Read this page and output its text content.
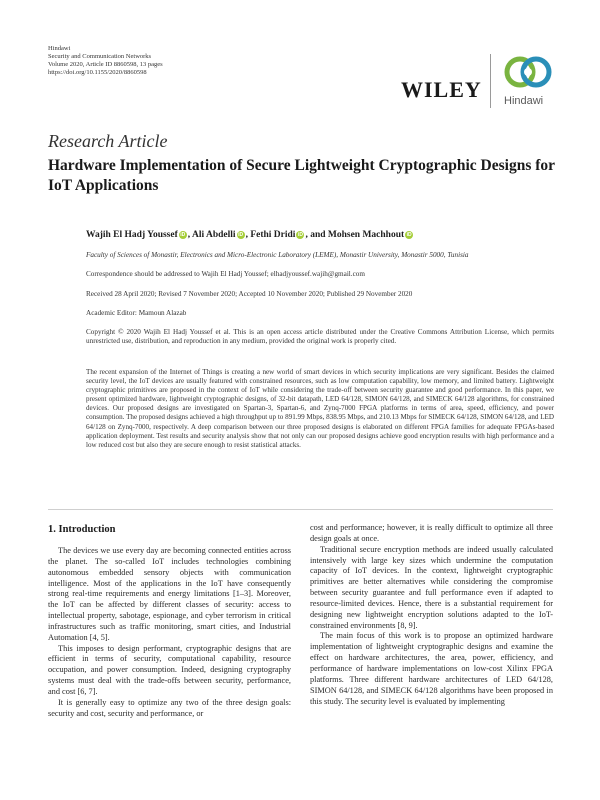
Hindawi
Security and Communication Networks
Volume 2020, Article ID 8860598, 13 pages
https://doi.org/10.1155/2020/8860598
WILEY Hindawi
Research Article
Hardware Implementation of Secure Lightweight Cryptographic Designs for IoT Applications
Wajih El Hadj Youssef iD , Ali Abdelli iD , Fethi Dridi iD , and Mohsen Machhout iD
Faculty of Sciences of Monastir, Electronics and Micro-Electronic Laboratory (LEME), Monastir University, Monastir 5000, Tunisia
Correspondence should be addressed to Wajih El Hadj Youssef; elhadjyoussef.wajih@gmail.com
Received 28 April 2020; Revised 7 November 2020; Accepted 10 November 2020; Published 29 November 2020
Academic Editor: Mamoun Alazab
Copyright © 2020 Wajih El Hadj Youssef et al. This is an open access article distributed under the Creative Commons Attribution License, which permits unrestricted use, distribution, and reproduction in any medium, provided the original work is properly cited.
The recent expansion of the Internet of Things is creating a new world of smart devices in which security implications are very significant. Besides the claimed security level, the IoT devices are usually featured with constrained resources, such as low computation capability, low memory, and limited battery. Lightweight cryptographic primitives are proposed in the context of IoT while considering the trade-off between security guarantee and good performance. In this paper, we present optimized hardware, lightweight cryptographic designs, of 32-bit datapath, LED 64/128, SIMON 64/128, and SIMECK 64/128 algorithms, for constrained devices. Our proposed designs are investigated on Spartan-3, Spartan-6, and Zynq-7000 FPGA platforms in terms of area, speed, efficiency, and power consumption. The proposed designs achieved a high throughput up to 891.99 Mbps, 838.95 Mbps, and 210.13 Mbps for SIMECK 64/128, SIMON 64/128, and LED 64/128 on Zynq-7000, respectively. A deep comparison between our three proposed designs is elaborated on different FPGA families for adequate FPGAs-based application deployment. Test results and security analysis show that not only can our proposed designs achieve good encryption results with high performance and a low reduced cost but also they are secure enough to resist statistical attacks.
1. Introduction

The devices we use every day are becoming connected entities across the planet. The so-called IoT includes technologies combining autonomous embedded sensory objects with communication intelligence. Most of the applications in the IoT have consequently strong real-time requirements and energy limitations [1–3]. Moreover, the IoT can be affected by different classes of security: access to intellectual property, sabotage, espionage, and cyber terrorism in critical infrastructures such as traffic monitoring, smart cities, and Industrial Automation [4, 5].

This imposes to design performant, cryptographic designs that are efficient in terms of security, computational capability, resource occupation, and power consumption. Indeed, designing cryptography systems must deal with the trade-offs between security, performance, and cost [6, 7].

It is generally easy to optimize any two of the three design goals: security and cost, security and performance, or

cost and performance; however, it is really difficult to optimize all three design goals at once.

Traditional secure encryption methods are indeed usually calculated intensively with large key sizes which undermine the computation capacity of IoT devices. In the context, lightweight cryptographic primitives are better alternatives while considering the compromise between security guarantee and full performance even if adapted to resource-limited devices. Hence, there is a substantial requirement for designing new lightweight encryption solutions adapted to the IoT-constrained environments [8, 9].

The main focus of this work is to propose an optimized hardware implementation of lightweight cryptographic designs and examine the effect on hardware architectures, the area, power, efficiency, and performance of hardware implementations on low-cost Xilinx FPGA platforms. Three different hardware architectures of LED 64/128, SIMON 64/128, and SIMECK 64/128 algorithms have been proposed in this study. The security level is evaluated by implementing
